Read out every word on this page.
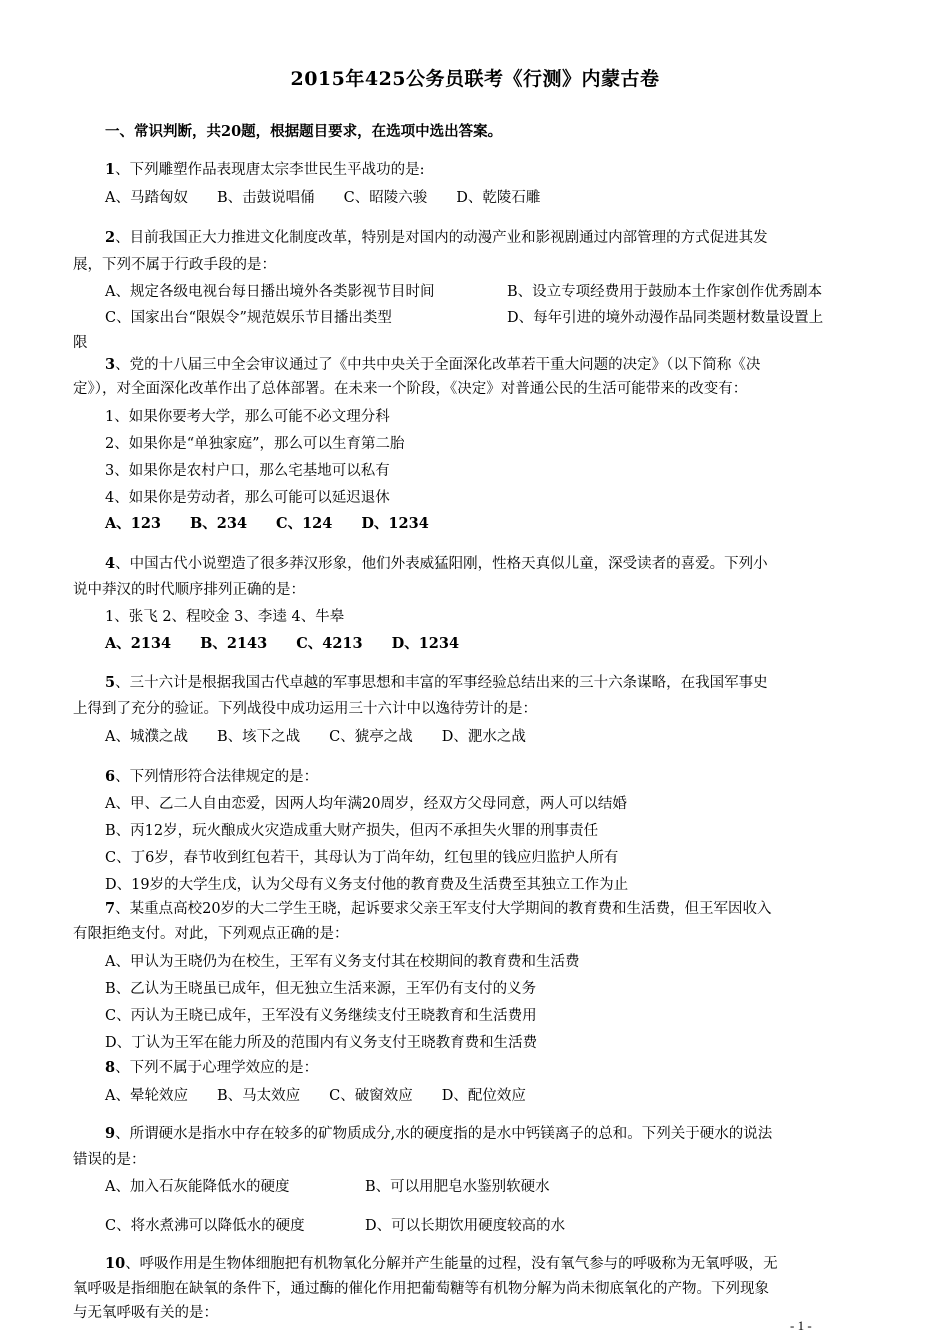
2015年425公务员联考《行测》内蒙古卷
一、常识判断，共20题，根据题目要求，在选项中选出答案。
1、下列雕塑作品表现唐太宗李世民生平战功的是:
A、马踏匈奴　　B、击鼓说唱俑　　C、昭陵六骏　　D、乾陵石雕
2、目前我国正大力推进文化制度改革，特别是对国内的动漫产业和影视剧通过内部管理的方式促进其发
展，下列不属于行政手段的是：
A、规定各级电视台每日播出境外各类影视节目时间	B、设立专项经费用于鼓励本土作家创作优秀剧本
C、国家出台“限娱令”规范娱乐节目播出类型	D、每年引进的境外动漫作品同类题材数量设置上
限
3、党的十八届三中全会审议通过了《中共中央关于全面深化改革若干重大问题的决定》（以下简称《决
定》），对全面深化改革作出了总体部署。在未来一个阶段，《决定》对普通公民的生活可能带来的改变有：
1、如果你要考大学，那么可能不必文理分科
2、如果你是“单独家庭”，那么可以生育第二胎
3、如果你是农村户口，那么宅基地可以私有
4、如果你是劳动者，那么可能可以延迟退休
A、123　　B、234　　C、124　　D、1234
4、中国古代小说塑造了很多莽汉形象，他们外表威猛阳刚，性格天真似儿童，深受读者的喜爱。下列小
说中莽汉的时代顺序排列正确的是：
1、张飞 2、程咬金 3、李逵 4、牛皋
A、2134　　B、2143　　C、4213　　D、1234
5、三十六计是根据我国古代卓越的军事思想和丰富的军事经验总结出来的三十六条谋略，在我国军事史
上得到了充分的验证。下列战役中成功运用三十六计中以逸待劳计的是：
A、城濮之战　　B、垓下之战　　C、猇亭之战　　D、淝水之战
6、下列情形符合法律规定的是：
A、甲、乙二人自由恋爱，因两人均年满20周岁，经双方父母同意，两人可以结婚
B、丙12岁，玩火酿成火灾造成重大财产损失，但丙不承担失火罪的刑事责任
C、丁6岁，春节收到红包若干，其母认为丁尚年幼，红包里的钱应归监护人所有
D、19岁的大学生戊，认为父母有义务支付他的教育费及生活费至其独立工作为止
7、某重点高校20岁的大二学生王晓，起诉要求父亲王军支付大学期间的教育费和生活费，但王军因收入
有限拒绝支付。对此，下列观点正确的是：
A、甲认为王晓仍为在校生，王军有义务支付其在校期间的教育费和生活费
B、乙认为王晓虽已成年，但无独立生活来源，王军仍有支付的义务
C、丙认为王晓已成年，王军没有义务继续支付王晓教育和生活费用
D、丁认为王军在能力所及的范围内有义务支付王晓教育费和生活费
8、下列不属于心理学效应的是：
A、晕轮效应　　B、马太效应　　C、破窗效应　　D、配位效应
9、所谓硬水是指水中存在较多的矿物质成分,水的硬度指的是水中钙镁离子的总和。下列关于硬水的说法
错误的是：
A、加入石灰能降低水的硬度	B、可以用肥皂水鉴别软硬水
C、将水煮沸可以降低水的硬度	D、可以长期饮用硬度较高的水
10、呼吸作用是生物体细胞把有机物氧化分解并产生能量的过程，没有氧气参与的呼吸称为无氧呼吸，无
氧呼吸是指细胞在缺氧的条件下，通过酶的催化作用把葡萄糖等有机物分解为尚未彻底氧化的产物。下列现象
与无氧呼吸有关的是：
- 1 -
